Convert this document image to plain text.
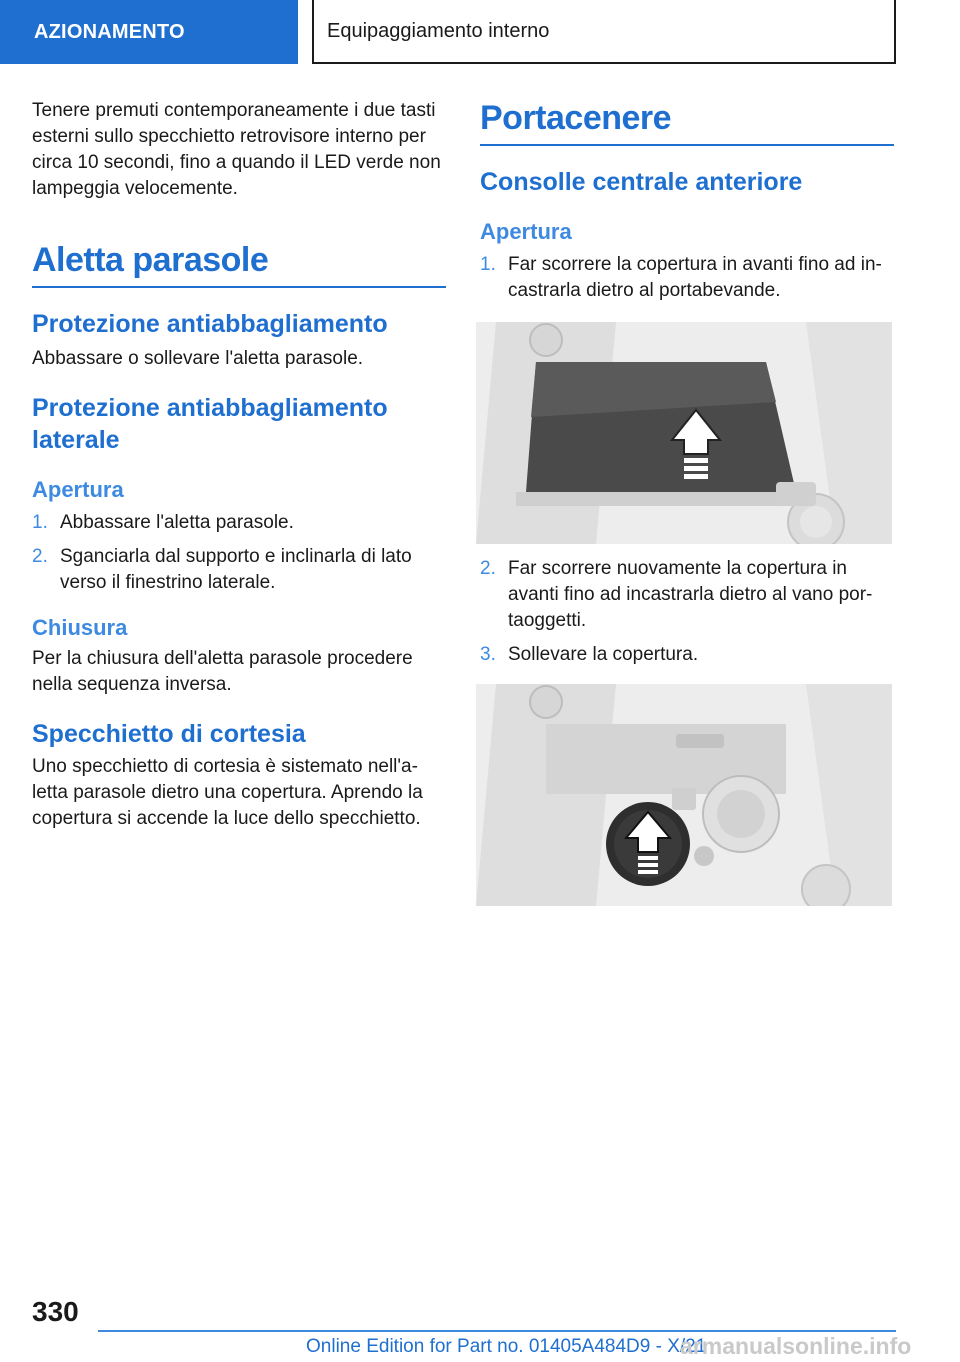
AZIONAMENTO	Equipaggiamento interno

Tenere premuti contemporaneamente i due tasti esterni sullo specchietto retrovisore interno per circa 10 secondi, fino a quando il LED verde non lampeggia velocemente.

Aletta parasole
Protezione antiabbagliamento

Abbassare o sollevare l'aletta parasole.

Protezione antiabbagliamento laterale
Apertura
1. Abbassare l'aletta parasole.
2. Sganciarla dal supporto e inclinarla di lato verso il finestrino laterale.
Chiusura

Per la chiusura dell'aletta parasole procedere nella sequenza inversa.

Specchietto di cortesia

Uno specchietto di cortesia è sistemato nell'aletta parasole dietro una copertura. Aprendo la copertura si accende la luce dello specchietto.

Portacenere
Consolle centrale anteriore
Apertura
1. Far scorrere la copertura in avanti fino ad incastrarla dietro al portabevande.
2. Far scorrere nuovamente la copertura in avanti fino ad incastrarla dietro al vano portaoggetti.
3. Sollevare la copertura.
330
Online Edition for Part no. 01405A484D9 - X/21
armanualsonline.info
